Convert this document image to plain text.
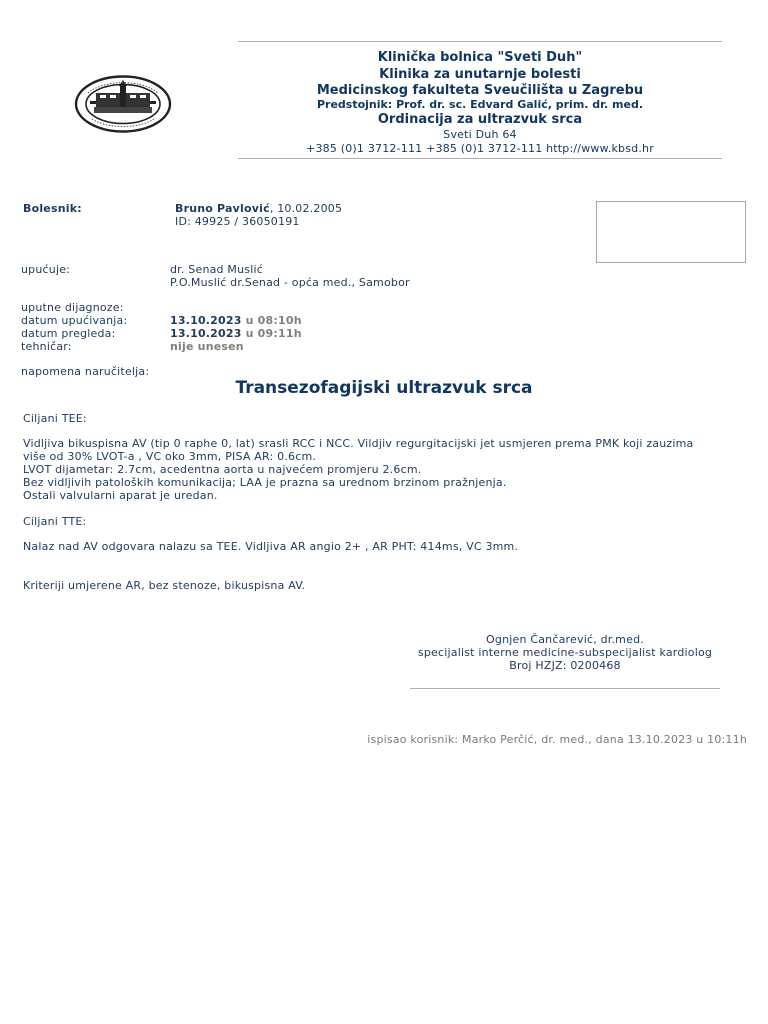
Klinička bolnica "Sveti Duh"
Klinika za unutarnje bolesti
Medicinskog fakulteta Sveučilišta u Zagrebu
Predstojnik: Prof. dr. sc. Edvard Galić, prim. dr. med.
Ordinacija za ultrazvuk srca
Sveti Duh 64
+385 (0)1 3712-111 +385 (0)1 3712-111 http://www.kbsd.hr
Bolesnik:	Bruno Pavlović, 10.02.2005
ID: 49925 / 36050191
upućuje:	dr. Senad Muslić
P.O.Muslić dr.Senad - opća med., Samobor
uputne dijagnoze:
datum upućivanja:	13.10.2023 u 08:10h
datum pregleda:	13.10.2023 u 09:11h
tehničar:	nije unesen
napomena naručitelja:
Transezofagijski ultrazvuk srca
Ciljani TEE:
Vidljiva bikuspisna AV (tip 0 raphe 0, lat) srasli RCC i NCC. Vildjiv regurgitacijski jet usmjeren prema PMK koji zauzima
više od 30% LVOT-a , VC oko 3mm, PISA AR: 0.6cm.
LVOT dijametar: 2.7cm, acedentna aorta u najvećem promjeru 2.6cm.
Bez vidljivih patoloških komunikacija; LAA je prazna sa urednom brzinom pražnjenja.
Ostali valvularni aparat je uredan.
Ciljani TTE:
Nalaz nad AV odgovara nalazu sa TEE. Vidljiva AR angio 2+ , AR PHT: 414ms, VC 3mm.
Kriteriji umjerene AR, bez stenoze, bikuspisna AV.
Ognjen Čančarević, dr.med.
specijalist interne medicine-subspecijalist kardiolog
Broj HZJZ: 0200468
ispisao korisnik: Marko Perčić, dr. med., dana 13.10.2023 u 10:11h
